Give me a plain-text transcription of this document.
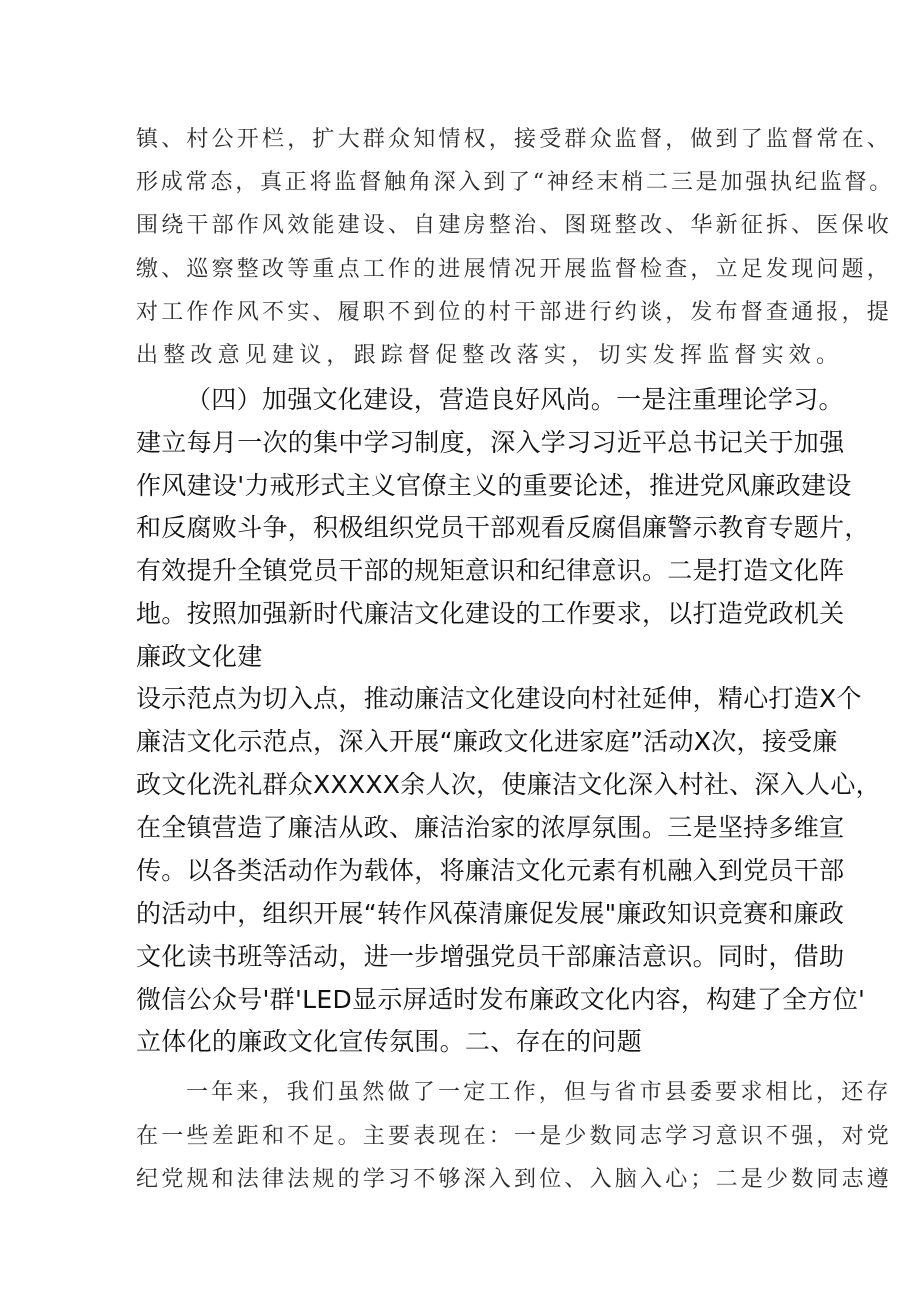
镇、村公开栏，扩大群众知情权，接受群众监督，做到了监督常在、

形成常态，真正将监督触角深入到了“神经末梢二三是加强执纪监督。

围绕干部作风效能建设、自建房整治、图斑整改、华新征拆、医保收

缴、巡察整改等重点工作的进展情况开展监督检查，立足发现问题，

对工作作风不实、履职不到位的村干部进行约谈，发布督查通报，提

出整改意见建议，跟踪督促整改落实，切实发挥监督实效。

（四）加强文化建设，营造良好风尚。一是注重理论学习。

建立每月一次的集中学习制度，深入学习习近平总书记关于加强

作风建设'力戒形式主义官僚主义的重要论述，推进党风廉政建设

和反腐败斗争，积极组织党员干部观看反腐倡廉警示教育专题片，

有效提升全镇党员干部的规矩意识和纪律意识。二是打造文化阵

地。按照加强新时代廉洁文化建设的工作要求，以打造党政机关

廉政文化建

设示范点为切入点，推动廉洁文化建设向村社延伸，精心打造X个

廉洁文化示范点，深入开展“廉政文化进家庭”活动X次，接受廉

政文化洗礼群众XXXXX余人次，使廉洁文化深入村社、深入人心，

在全镇营造了廉洁从政、廉洁治家的浓厚氛围。三是坚持多维宣

传。以各类活动作为载体，将廉洁文化元素有机融入到党员干部

的活动中，组织开展“转作风葆清廉促发展"廉政知识竞赛和廉政

文化读书班等活动，进一步增强党员干部廉洁意识。同时，借助

微信公众号'群'LED显示屏适时发布廉政文化内容，构建了全方位'

立体化的廉政文化宣传氛围。二、存在的问题

一年来，我们虽然做了一定工作，但与省市县委要求相比，还存

在一些差距和不足。主要表现在：一是少数同志学习意识不强，对党

纪党规和法律法规的学习不够深入到位、入脑入心；二是少数同志遵
